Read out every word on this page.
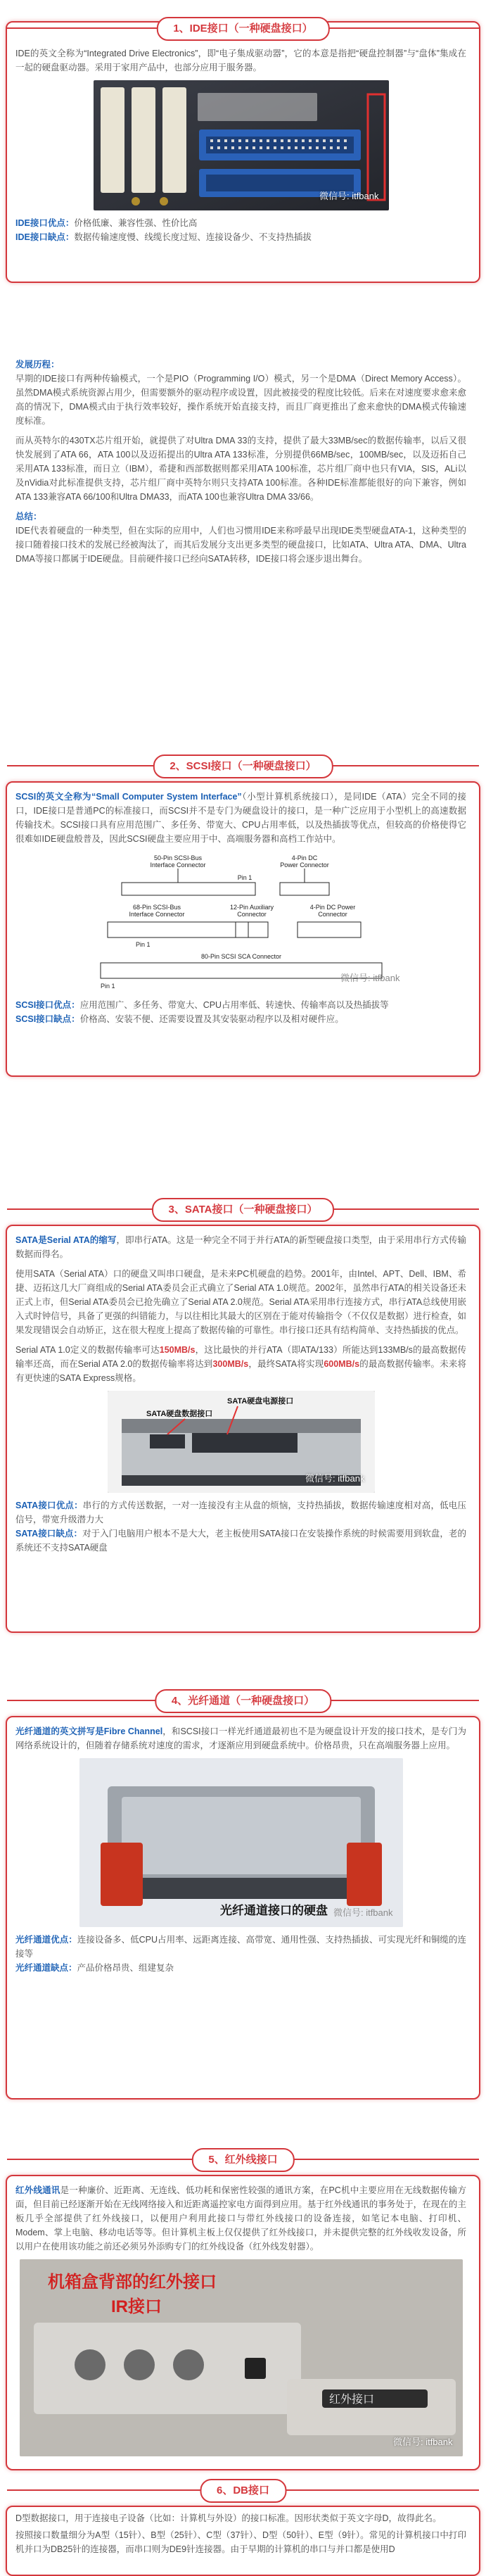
1、IDE接口（一种硬盘接口）

IDE的英文全称为“Integrated Drive Electronics”，即“电子集成驱动器”，它的本意是指把“硬盘控制器”与“盘体”集成在一起的硬盘驱动器。采用于家用产品中，也部分应用于服务器。

微信号: itfbank

IDE接口优点：价格低廉、兼容性强、性价比高

IDE接口缺点：数据传输速度慢、线缆长度过短、连接设备少、不支持热插拔

发展历程：

早期的IDE接口有两种传输模式，一个是PIO（Programming I/O）模式，另一个是DMA（Direct Memory Access）。虽然DMA模式系统资源占用少，但需要额外的驱动程序或设置，因此被接受的程度比较低。后来在对速度要求愈来愈高的情况下，DMA模式由于执行效率较好，操作系统开始直接支持，而且厂商更推出了愈来愈快的DMA模式传输速度标准。

而从英特尔的430TX芯片组开始，就提供了对Ultra DMA 33的支持，提供了最大33MB/sec的数据传输率，以后又很快发展到了ATA 66，ATA 100以及迈拓提出的Ultra ATA 133标准，分别提供66MB/sec，100MB/sec，以及迈拓自己采用ATA 133标准，而日立（IBM），希捷和西部数据则都采用ATA 100标准，芯片组厂商中也只有VIA，SIS，ALi以及nVidia对此标准提供支持，芯片组厂商中英特尔则只支持ATA 100标准。各种IDE标准都能很好的向下兼容，例如ATA 133兼容ATA 66/100和Ultra DMA33，而ATA 100也兼容Ultra DMA 33/66。

总结：

IDE代表着硬盘的一种类型，但在实际的应用中，人们也习惯用IDE来称呼最早出现IDE类型硬盘ATA-1，这种类型的接口随着接口技术的发展已经被淘汰了，而其后发展分支出更多类型的硬盘接口，比如ATA、Ultra ATA、DMA、Ultra DMA等接口都属于IDE硬盘。目前硬件接口已经向SATA转移，IDE接口将会逐步退出舞台。

2、SCSI接口（一种硬盘接口）

SCSI的英文全称为“Small Computer System Interface”（小型计算机系统接口），是同IDE（ATA）完全不同的接口，IDE接口是普通PC的标准接口，而SCSI并不是专门为硬盘设计的接口，是一种广泛应用于小型机上的高速数据传输技术。SCSI接口具有应用范围广、多任务、带宽大、CPU占用率低，以及热插拔等优点，但较高的价格使得它很难如IDE硬盘般普及，因此SCSI硬盘主要应用于中、高端服务器和高档工作站中。

50-Pin SCSI-Bus
Interface Connector
Pin 1
4-Pin DC
Power Connector
68-Pin SCSI-Bus
Interface Connector
12-Pin Auxiliary
Connector
4-Pin DC Power
Connector
Pin 1
80-Pin SCSI SCA Connector
Pin 1
微信号: itfbank

SCSI接口优点：应用范围广、多任务、带宽大、CPU占用率低、转速快、传输率高以及热插拔等

SCSI接口缺点：价格高、安装不便、还需要设置及其安装驱动程序以及相对硬件应。

3、SATA接口（一种硬盘接口）

SATA是Serial ATA的缩写，即串行ATA。这是一种完全不同于并行ATA的新型硬盘接口类型，由于采用串行方式传输数据而得名。

使用SATA（Serial ATA）口的硬盘又叫串口硬盘，是未来PC机硬盘的趋势。2001年，由Intel、APT、Dell、IBM、希捷、迈拓这几大厂商组成的Serial ATA委员会正式确立了Serial ATA 1.0规范。2002年，虽然串行ATA的相关设备还未正式上市，但Serial ATA委员会已抢先确立了Serial ATA 2.0规范。Serial ATA采用串行连接方式，串行ATA总线使用嵌入式时钟信号，具备了更强的纠错能力，与以往相比其最大的区别在于能对传输指令（不仅仅是数据）进行检查，如果发现错误会自动矫正，这在很大程度上提高了数据传输的可靠性。串行接口还具有结构简单、支持热插拔的优点。

Serial ATA 1.0定义的数据传输率可达150MB/s，这比最快的并行ATA（即ATA/133）所能达到133MB/s的最高数据传输率还高，而在Serial ATA 2.0的数据传输率将达到300MB/s，最终SATA将实现600MB/s的最高数据传输率。未来将有更快速的SATA Express规格。

SATA硬盘电源接口
SATA硬盘数据接口
微信号: itfbank

SATA接口优点：串行的方式传送数据，一对一连接没有主从盘的烦恼，支持热插拔，数据传输速度相对高，低电压信号，带宽升级潜力大

SATA接口缺点：对于入门电脑用户根本不是大大，老主板使用SATA接口在安装操作系统的时候需要用到软盘，老的系统还不支持SATA硬盘

4、光纤通道（一种硬盘接口）

光纤通道的英文拼写是Fibre Channel，和SCSI接口一样光纤通道最初也不是为硬盘设计开发的接口技术，是专门为网络系统设计的，但随着存储系统对速度的需求，才逐渐应用到硬盘系统中。价格昂贵，只在高端服务器上应用。

光纤通道接口的硬盘 微信号: itfbank

光纤通道优点：连接设备多、低CPU占用率、远距离连接、高带宽、通用性强、支持热插拔、可实现光纤和铜缆的连接等

光纤通道缺点：产品价格昂贵、组建复杂

5、红外线接口

红外线通讯是一种廉价、近距离、无连线、低功耗和保密性较强的通讯方案，在PC机中主要应用在无线数据传输方面，但目前已经逐渐开始在无线网络接入和近距离遥控家电方面得到应用。基于红外线通讯的事务处于，在现在的主板几乎全部提供了红外线接口，以便用户利用此接口与带红外线接口的设备连接，如笔记本电脑、打印机、Modem、掌上电脑、移动电话等等。但计算机主板上仅仅提供了红外线接口，并未提供完整的红外线收发设备，所以用户在使用该功能之前还必须另外添购专门的红外线设备（红外线发射器）。

机箱盒背部的红外接口
IR接口
红外接口
微信号: itfbank
6、DB接口

D型数据接口，用于连接电子设备（比如：计算机与外设）的接口标准。因形状类似于英文字母D，故得此名。

按照接口数量细分为A型（15针）、B型（25针）、C型（37针）、D型（50针）、E型（9针）。常见的计算机接口中打印机并口为DB25针的连接器，而串口则为DE9针连接器。由于早期的计算机的串口与并口都是使用D
